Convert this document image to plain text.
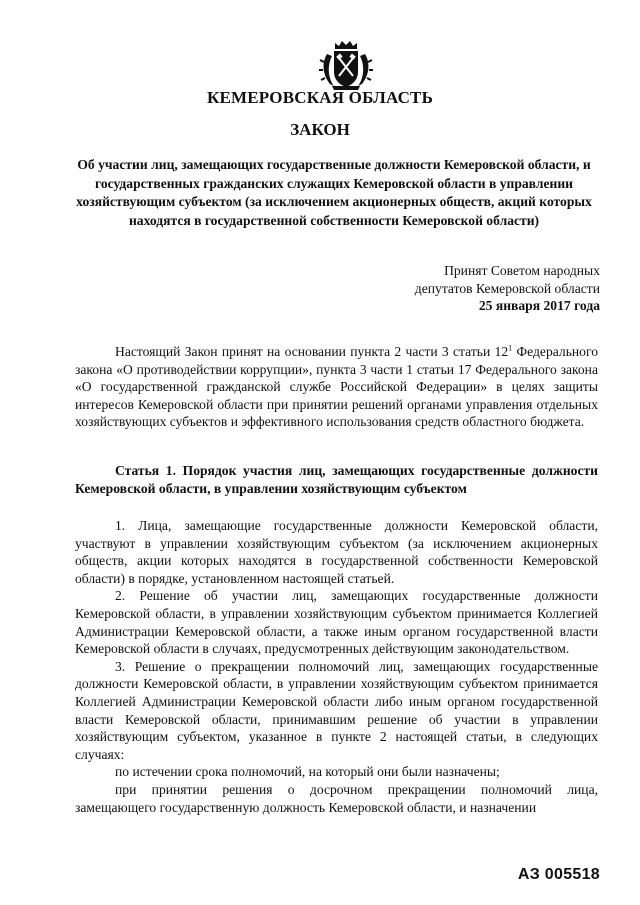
КЕМЕРОВСКАЯ ОБЛАСТЬ
ЗАКОН
Об участии лиц, замещающих государственные должности Кемеровской области, и государственных гражданских служащих Кемеровской области в управлении хозяйствующим субъектом (за исключением акционерных обществ, акций которых находятся в государственной собственности Кемеровской области)
Принят Советом народных
депутатов Кемеровской области
25 января 2017 года

Настоящий Закон принят на основании пункта 2 части 3 статьи $12^1$ Федерального закона «О противодействии коррупции», пункта 3 части 1 статьи 17 Федерального закона «О государственной гражданской службе Российской Федерации» в целях защиты интересов Кемеровской области при принятии решений органами управления отдельных хозяйствующих субъектов и эффективного использования средств областного бюджета.

Статья 1. Порядок участия лиц, замещающих государственные должности Кемеровской области, в управлении хозяйствующим субъектом

1. Лица, замещающие государственные должности Кемеровской области, участвуют в управлении хозяйствующим субъектом (за исключением акционерных обществ, акции которых находятся в государственной собственности Кемеровской области) в порядке, установленном настоящей статьей.

2. Решение об участии лиц, замещающих государственные должности Кемеровской области, в управлении хозяйствующим субъектом принимается Коллегией Администрации Кемеровской области, а также иным органом государственной власти Кемеровской области в случаях, предусмотренных действующим законодательством.

3. Решение о прекращении полномочий лиц, замещающих государственные должности Кемеровской области, в управлении хозяйствующим субъектом принимается Коллегией Администрации Кемеровской области либо иным органом государственной власти Кемеровской области, принимавшим решение об участии в управлении хозяйствующим субъектом, указанное в пункте 2 настоящей статьи, в следующих случаях:

по истечении срока полномочий, на который они были назначены;

при принятии решения о досрочном прекращении полномочий лица, замещающего государственную должность Кемеровской области, и назначении

АЗ 005518
